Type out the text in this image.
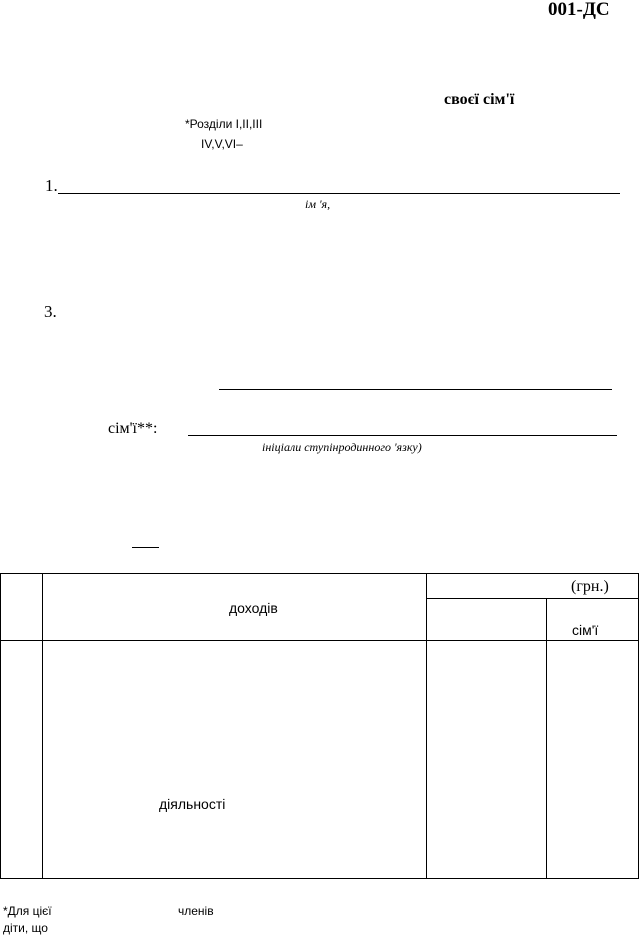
001-ДС
своєї сім'ї
*Розділи І,ІІ,ІІІ
ІV,V,VІ–
1.
ім 'я,
3.
сім'ї**:
ініціали ступінродинного 'язку)
(грн.)
доходів
сім'ї
діяльності
*Для цієї	членів
діти, що
